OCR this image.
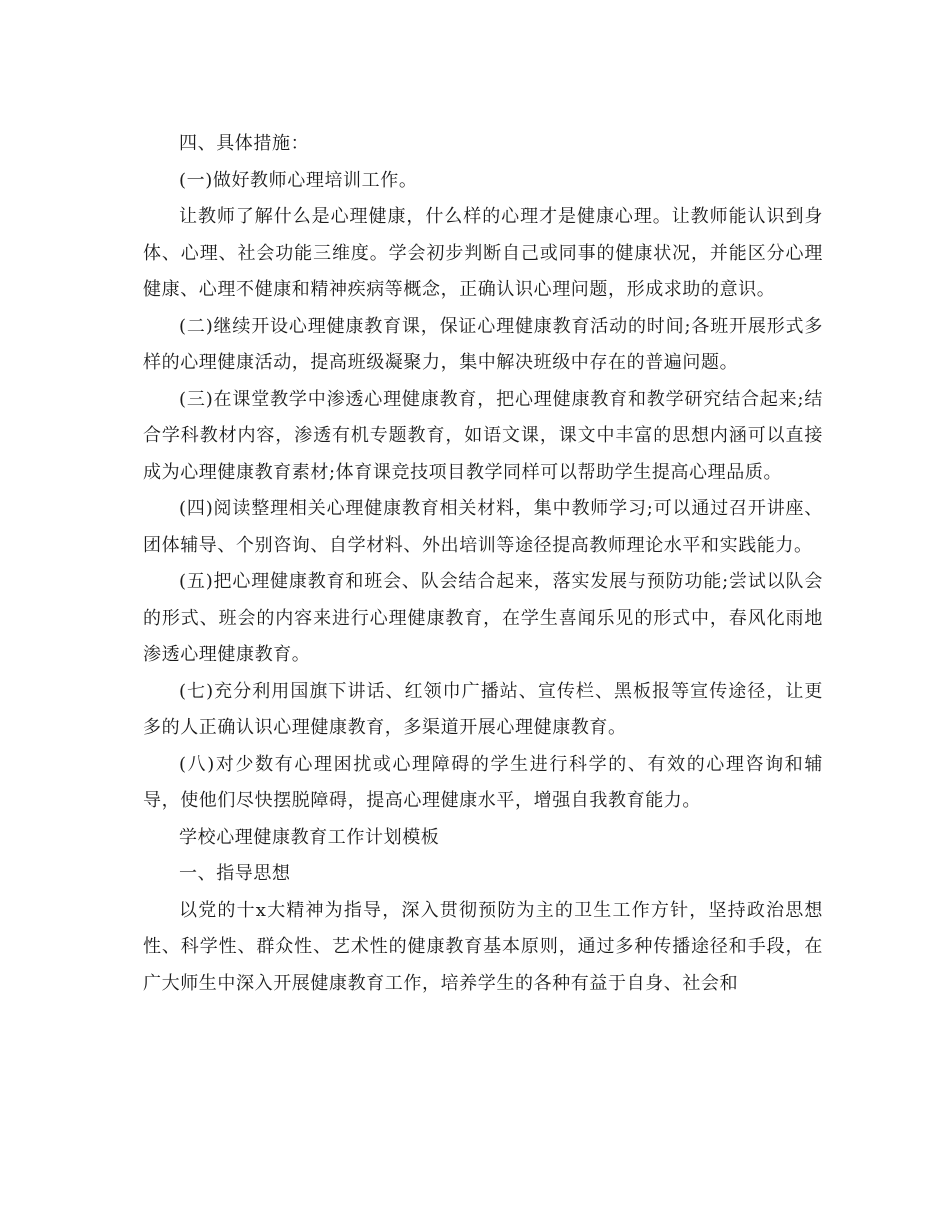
四、具体措施：

(一)做好教师心理培训工作。

让教师了解什么是心理健康，什么样的心理才是健康心理。让教师能认识到身体、心理、社会功能三维度。学会初步判断自己或同事的健康状况，并能区分心理健康、心理不健康和精神疾病等概念，正确认识心理问题，形成求助的意识。

(二)继续开设心理健康教育课，保证心理健康教育活动的时间;各班开展形式多样的心理健康活动，提高班级凝聚力，集中解决班级中存在的普遍问题。

(三)在课堂教学中渗透心理健康教育，把心理健康教育和教学研究结合起来;结合学科教材内容，渗透有机专题教育，如语文课，课文中丰富的思想内涵可以直接成为心理健康教育素材;体育课竞技项目教学同样可以帮助学生提高心理品质。

(四)阅读整理相关心理健康教育相关材料，集中教师学习;可以通过召开讲座、团体辅导、个别咨询、自学材料、外出培训等途径提高教师理论水平和实践能力。

(五)把心理健康教育和班会、队会结合起来，落实发展与预防功能;尝试以队会的形式、班会的内容来进行心理健康教育，在学生喜闻乐见的形式中，春风化雨地渗透心理健康教育。

(七)充分利用国旗下讲话、红领巾广播站、宣传栏、黑板报等宣传途径，让更多的人正确认识心理健康教育，多渠道开展心理健康教育。

(八)对少数有心理困扰或心理障碍的学生进行科学的、有效的心理咨询和辅导，使他们尽快摆脱障碍，提高心理健康水平，增强自我教育能力。

学校心理健康教育工作计划模板

一、指导思想

以党的十x大精神为指导，深入贯彻预防为主的卫生工作方针，坚持政治思想性、科学性、群众性、艺术性的健康教育基本原则，通过多种传播途径和手段，在广大师生中深入开展健康教育工作，培养学生的各种有益于自身、社会和
